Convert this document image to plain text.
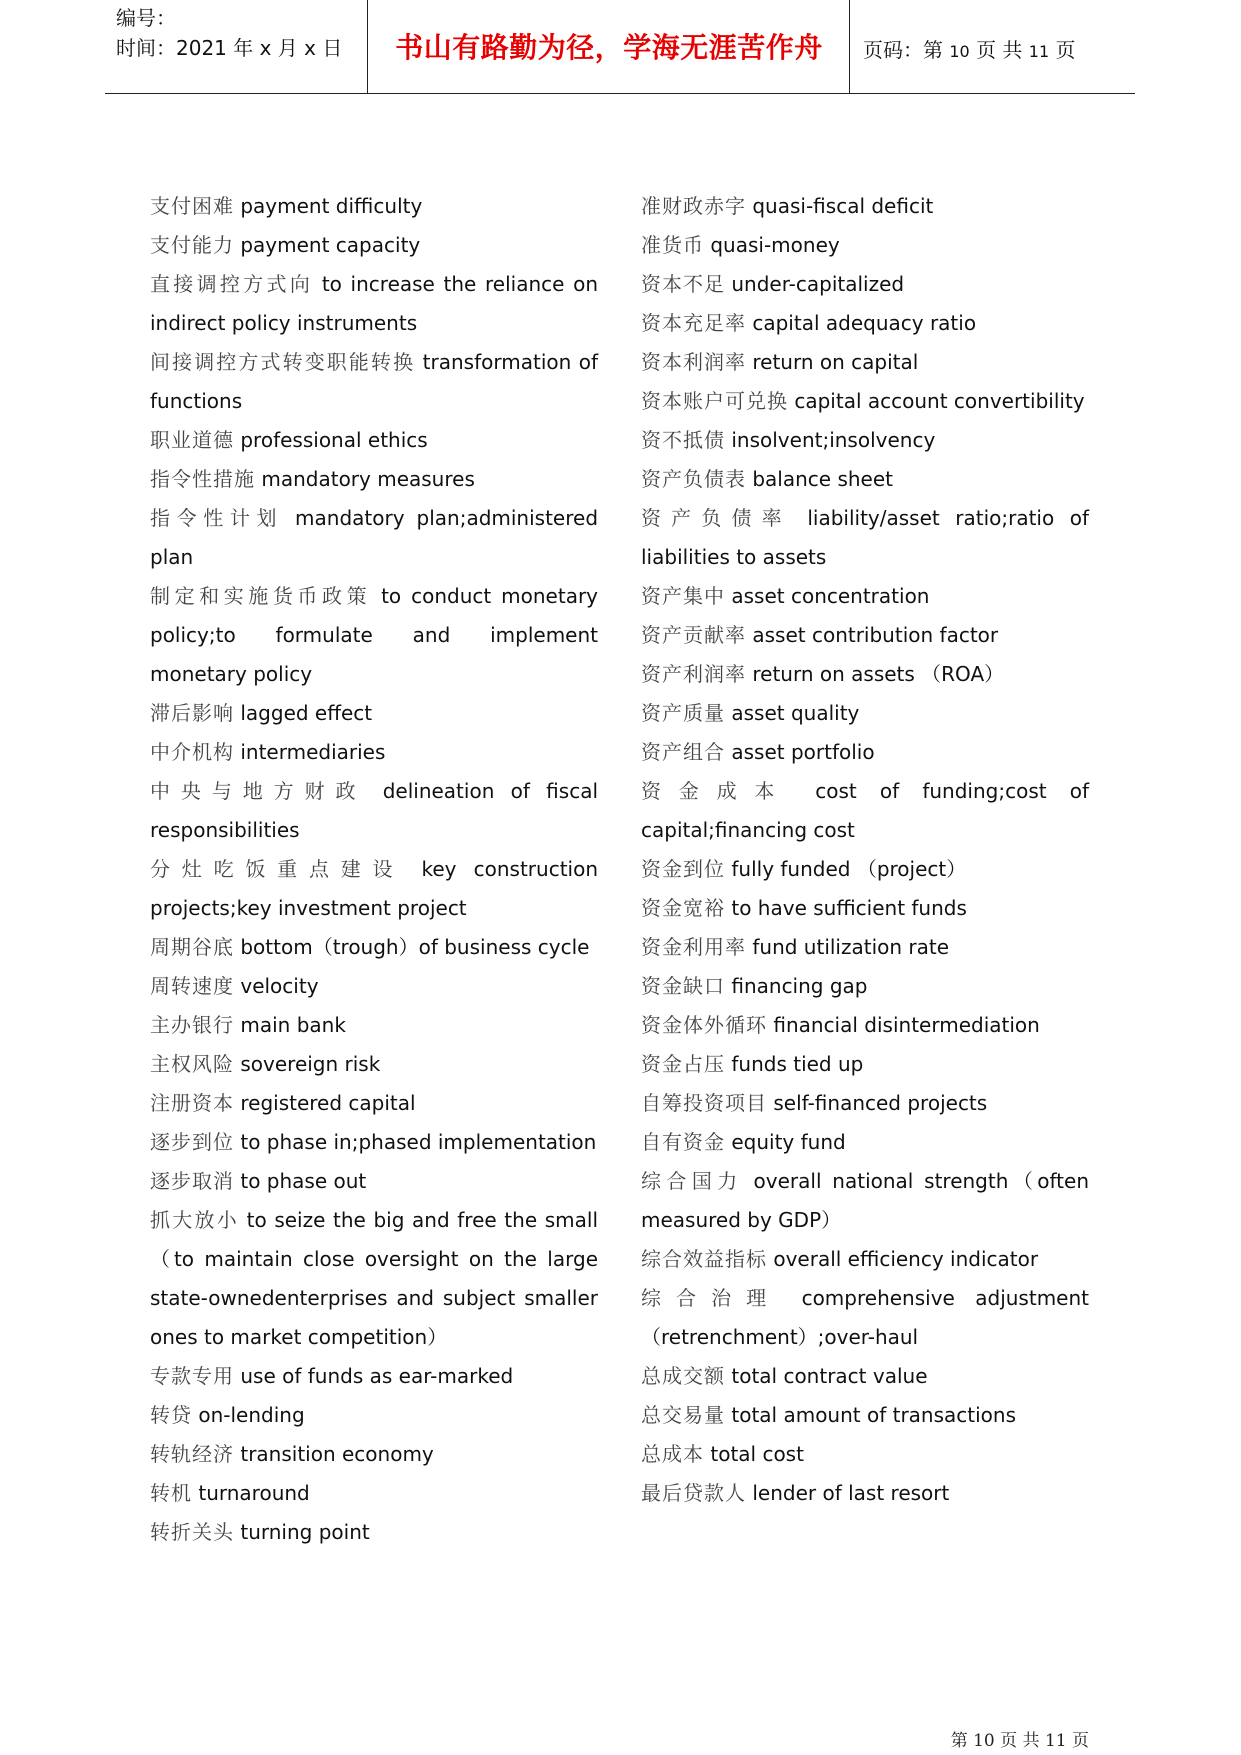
编号：
时间：2021 年 x 月 x 日	书山有路勤为径，学海无涯苦作舟	页码：第 10 页 共 11 页

支付困难 payment difficulty

支付能力 payment capacity

直接调控方式向 to increase the reliance on indirect policy instruments

间接调控方式转变职能转换 transformation of functions

职业道德 professional ethics

指令性措施 mandatory measures

指令性计划 mandatory plan;administered plan

制定和实施货币政策 to conduct monetary policy;to formulate and implement monetary policy

滞后影响 lagged effect

中介机构 intermediaries

中央与地方财政 delineation of fiscal responsibilities

分灶吃饭重点建设 key construction projects;key investment project

周期谷底 bottom（trough）of business cycle

周转速度 velocity

主办银行 main bank

主权风险 sovereign risk

注册资本 registered capital

逐步到位 to phase in;phased implementation

逐步取消 to phase out

抓大放小 to seize the big and free the small（to maintain close oversight on the large state-ownedenterprises and subject smaller ones to market competition）

专款专用 use of funds as ear-marked

转贷 on-lending

转轨经济 transition economy

转机 turnaround

转折关头 turning point

准财政赤字 quasi-fiscal deficit

准货币 quasi-money

资本不足 under-capitalized

资本充足率 capital adequacy ratio

资本利润率 return on capital

资本账户可兑换 capital account convertibility

资不抵债 insolvent;insolvency

资产负债表 balance sheet

资产负债率 liability/asset ratio;ratio of liabilities to assets

资产集中 asset concentration

资产贡献率 asset contribution factor

资产利润率 return on assets （ROA）

资产质量 asset quality

资产组合 asset portfolio

资金成本 cost of funding;cost of capital;financing cost

资金到位 fully funded （project）

资金宽裕 to have sufficient funds

资金利用率 fund utilization rate

资金缺口 financing gap

资金体外循环 financial disintermediation

资金占压 funds tied up

自筹投资项目 self-financed projects

自有资金 equity fund

综合国力 overall national strength（often measured by GDP）

综合效益指标 overall efficiency indicator

综合治理 comprehensive adjustment（retrenchment）;over-haul

总成交额 total contract value

总交易量 total amount of transactions

总成本 total cost

最后贷款人 lender of last resort

第 10 页 共 11 页
